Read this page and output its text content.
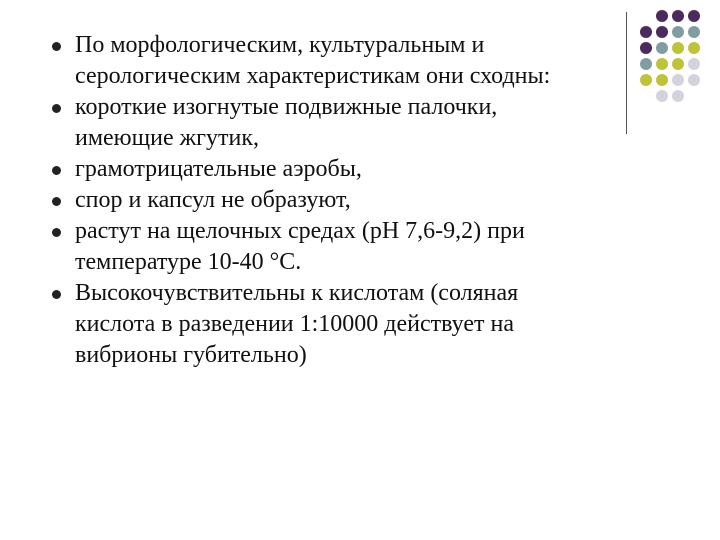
По морфологическим, культуральным и
серологическим характеристикам они сходны:
короткие изогнутые подвижные палочки,
имеющие жгутик,
грамотрицательные аэробы,
спор и капсул не образуют,
растут на щелочных средах (рН 7,6-9,2) при
температуре 10-40 °С.
Высокочувствительны к кислотам (соляная
кислота в разведении 1:10000 действует на
вибрионы губительно)
